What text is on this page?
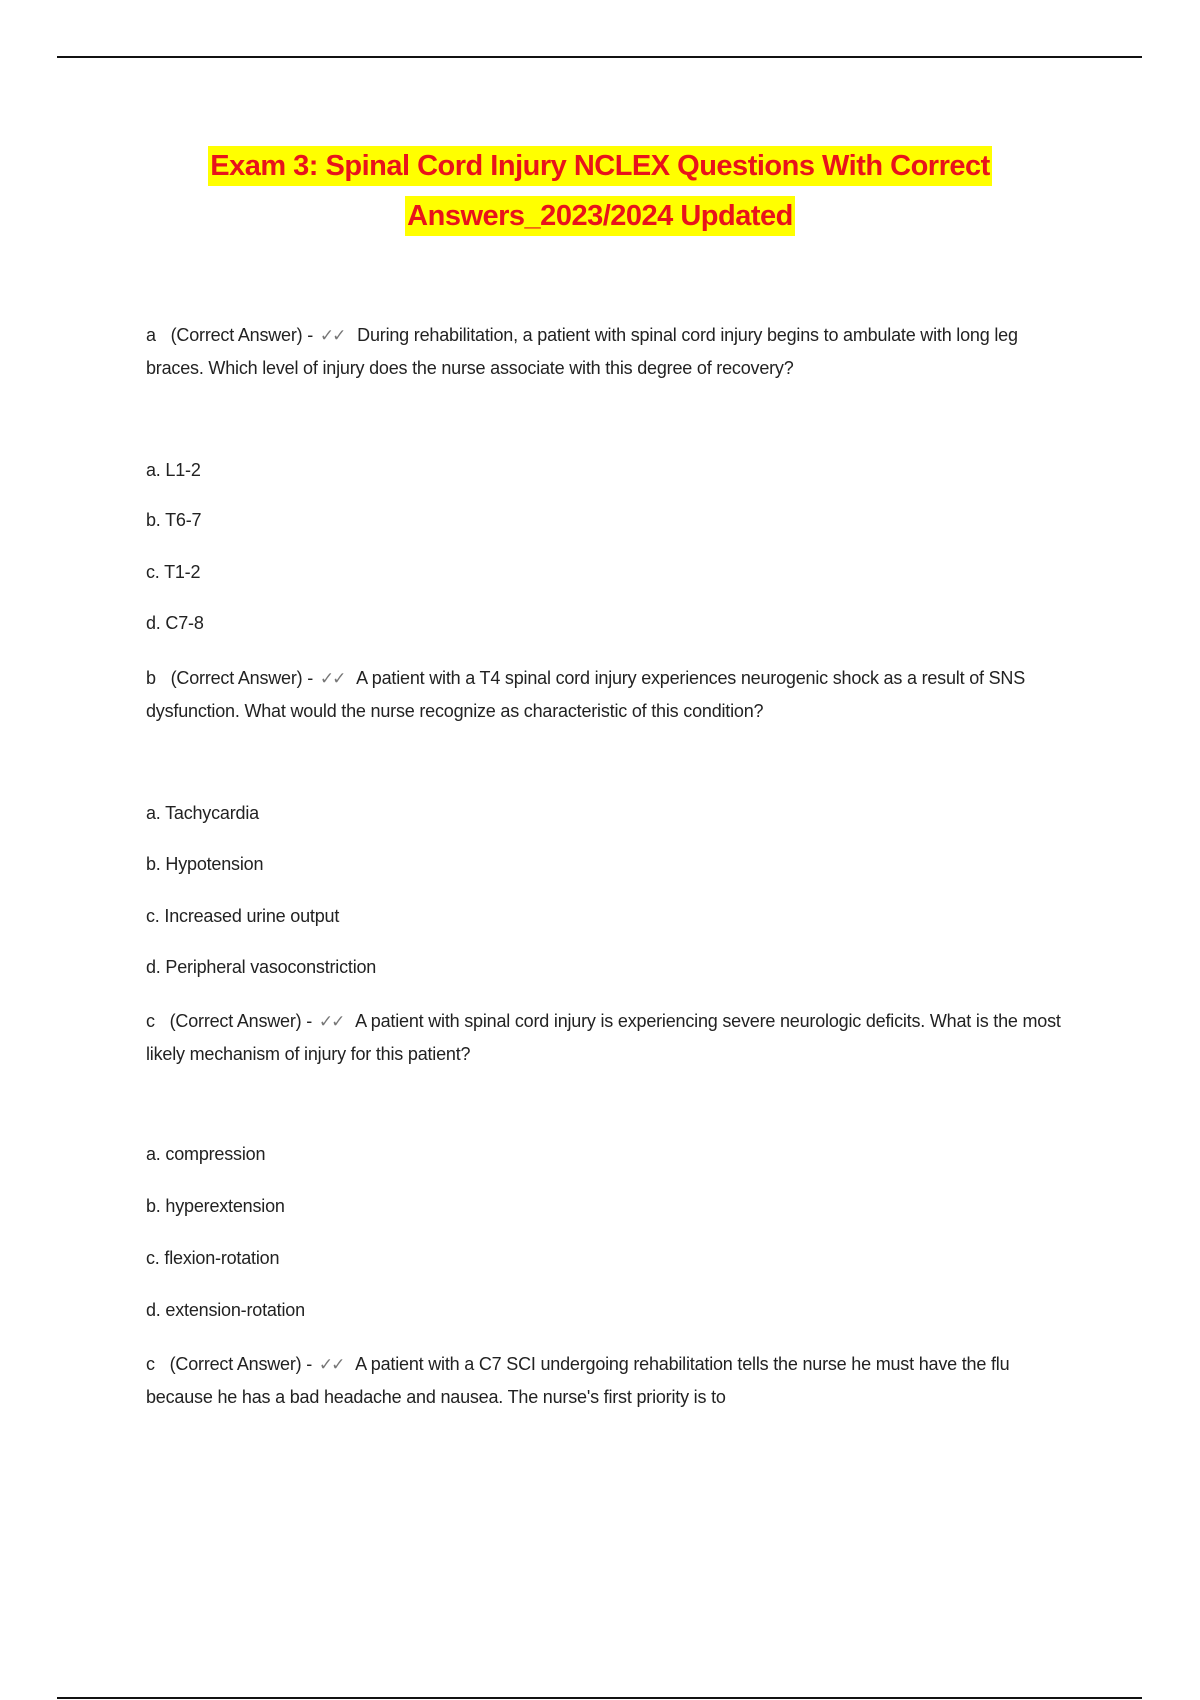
Exam 3: Spinal Cord Injury NCLEX Questions With Correct
Answers_2023/2024 Updated
a (Correct Answer) - ✓✓ During rehabilitation, a patient with spinal cord injury begins to ambulate with long leg braces. Which level of injury does the nurse associate with this degree of recovery?
a. L1-2
b. T6-7
c. T1-2
d. C7-8
b (Correct Answer) - ✓✓ A patient with a T4 spinal cord injury experiences neurogenic shock as a result of SNS dysfunction. What would the nurse recognize as characteristic of this condition?
a. Tachycardia
b. Hypotension
c. Increased urine output
d. Peripheral vasoconstriction
c (Correct Answer) - ✓✓ A patient with spinal cord injury is experiencing severe neurologic deficits. What is the most likely mechanism of injury for this patient?
a. compression
b. hyperextension
c. flexion-rotation
d. extension-rotation
c (Correct Answer) - ✓✓ A patient with a C7 SCI undergoing rehabilitation tells the nurse he must have the flu because he has a bad headache and nausea. The nurse's first priority is to
